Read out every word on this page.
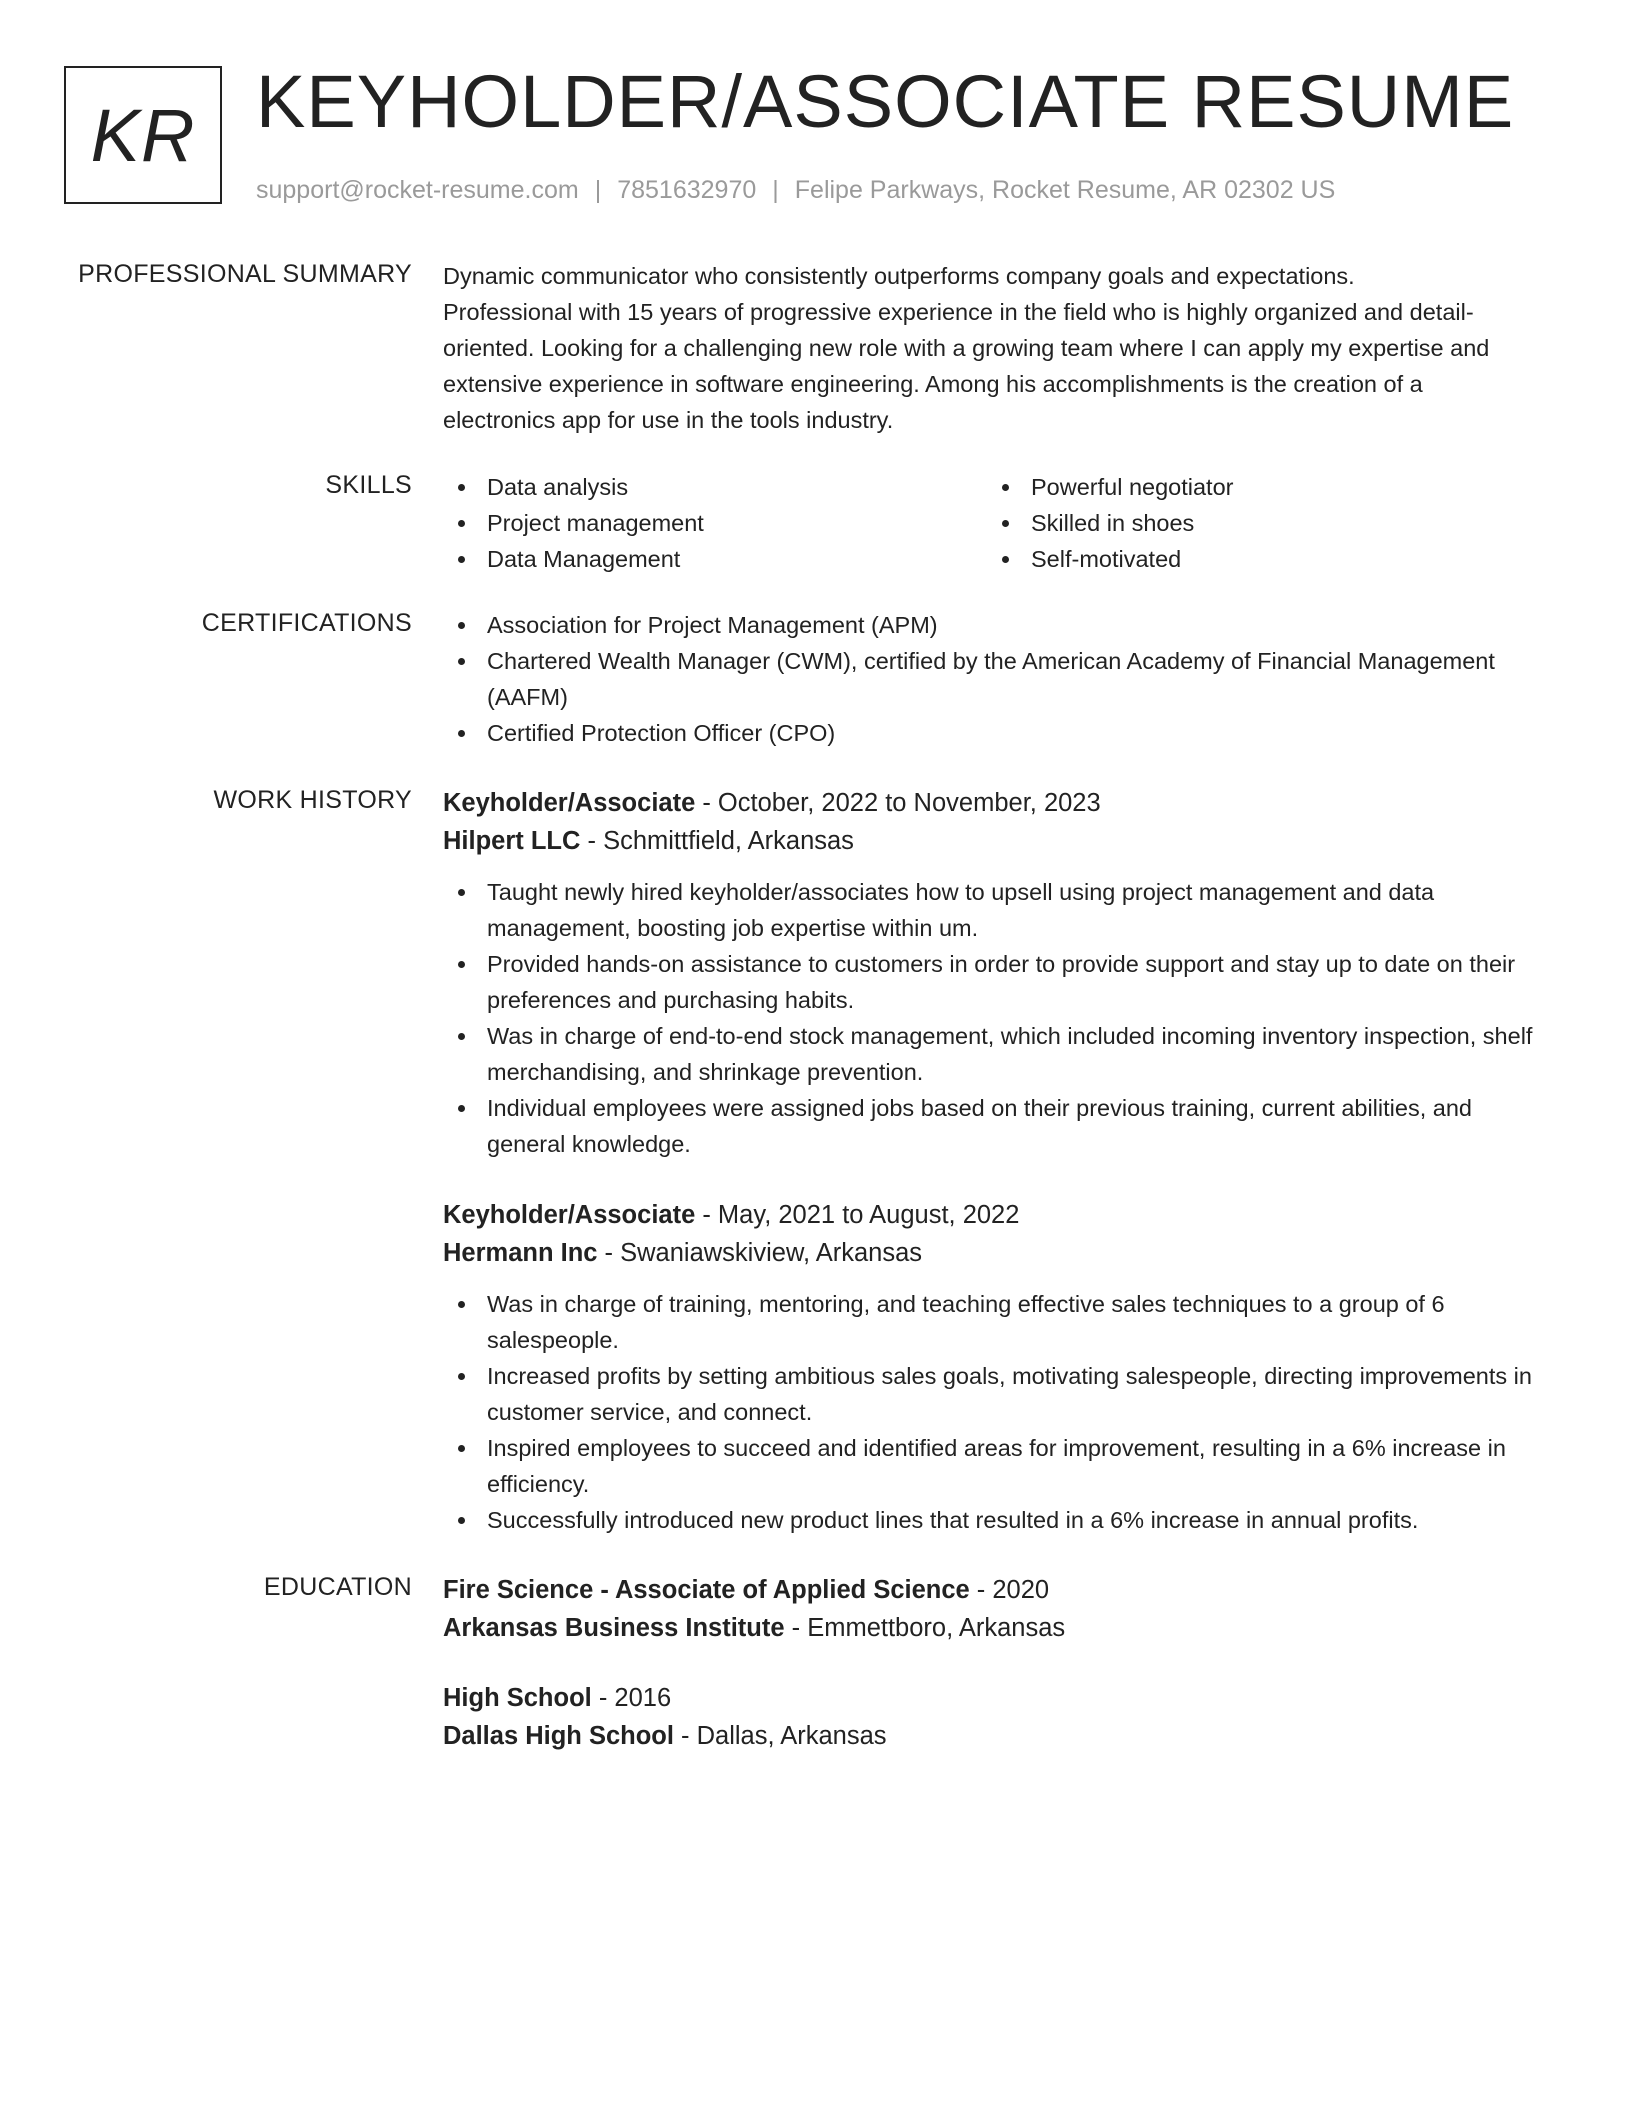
KR KEYHOLDER/ASSOCIATE RESUME
support@rocket-resume.com | 7851632970 | Felipe Parkways, Rocket Resume, AR 02302 US
PROFESSIONAL SUMMARY Dynamic communicator who consistently outperforms company goals and expectations.
Professional with 15 years of progressive experience in the field who is highly organized and detail-
oriented. Looking for a challenging new role with a growing team where I can apply my expertise and
extensive experience in software engineering. Among his accomplishments is the creation of a
electronics app for use in the tools industry.
SKILLS	Data analysis
Project management
Data Management
Powerful negotiator
Skilled in shoes
Self-motivated
CERTIFICATIONS	Association for Project Management (APM)
Chartered Wealth Manager (CWM), certified by the American Academy of Financial Management (AAFM)
Certified Protection Officer (CPO)
WORK HISTORY Keyholder/Associate - October, 2022 to November, 2023
Hilpert LLC - Schmittfield, Arkansas
Taught newly hired keyholder/associates how to upsell using project management and data management, boosting job expertise within um.
Provided hands-on assistance to customers in order to provide support and stay up to date on their preferences and purchasing habits.
Was in charge of end-to-end stock management, which included incoming inventory inspection, shelf merchandising, and shrinkage prevention.
Individual employees were assigned jobs based on their previous training, current abilities, and general knowledge.
Keyholder/Associate - May, 2021 to August, 2022
Hermann Inc - Swaniawskiview, Arkansas
Was in charge of training, mentoring, and teaching effective sales techniques to a group of 6 salespeople.
Increased profits by setting ambitious sales goals, motivating salespeople, directing improvements in customer service, and connect.
Inspired employees to succeed and identified areas for improvement, resulting in a 6% increase in efficiency.
Successfully introduced new product lines that resulted in a 6% increase in annual profits.
EDUCATION Fire Science - Associate of Applied Science - 2020
Arkansas Business Institute - Emmettboro, Arkansas
High School - 2016
Dallas High School - Dallas, Arkansas
